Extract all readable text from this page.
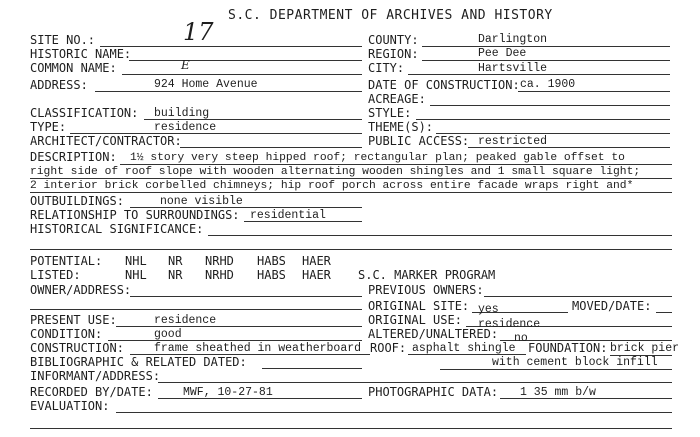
S.C. DEPARTMENT OF ARCHIVES AND HISTORY
SITE NO.:	17
HISTORIC NAME:
COMMON NAME:	E
ADDRESS:	924 Home Avenue
COUNTY:	Darlington
REGION:	Pee Dee
CITY:	Hartsville
DATE OF CONSTRUCTION: ca. 1900
ACREAGE:
CLASSIFICATION: building
TYPE:	residence
ARCHITECT/CONTRACTOR:
STYLE:
THEME(S):
PUBLIC ACCESS: restricted
DESCRIPTION: 1½ story very steep hipped roof; rectangular plan; peaked gable offset to
right side of roof slope with wooden alternating wooden shingles and 1 small square light;
2 interior brick corbelled chimneys; hip roof porch across entire facade wraps right and*
OUTBUILDINGS:	none visible
RELATIONSHIP TO SURROUNDINGS: residential
HISTORICAL SIGNIFICANCE:
POTENTIAL: NHL NR NRHD HABS HAER
LISTED:	NHL NR NRHD HABS HAER S.C. MARKER PROGRAM
OWNER/ADDRESS:	PREVIOUS OWNERS:
PRESENT USE:	residence
CONDITION:	good
CONSTRUCTION:	frame sheathed in weatherboard
BIBLIOGRAPHIC & RELATED DATED:
INFORMANT/ADDRESS:
RECORDED BY/DATE:	MWF, 10-27-81
EVALUATION:
ORIGINAL SITE: yes	MOVED/DATE:
ORIGINAL USE: residence
ALTERED/UNALTERED: no
ROOF: asphalt shingle FOUNDATION: brick pier
with cement block infill
PHOTOGRAPHIC DATA: 1 35 mm b/w
